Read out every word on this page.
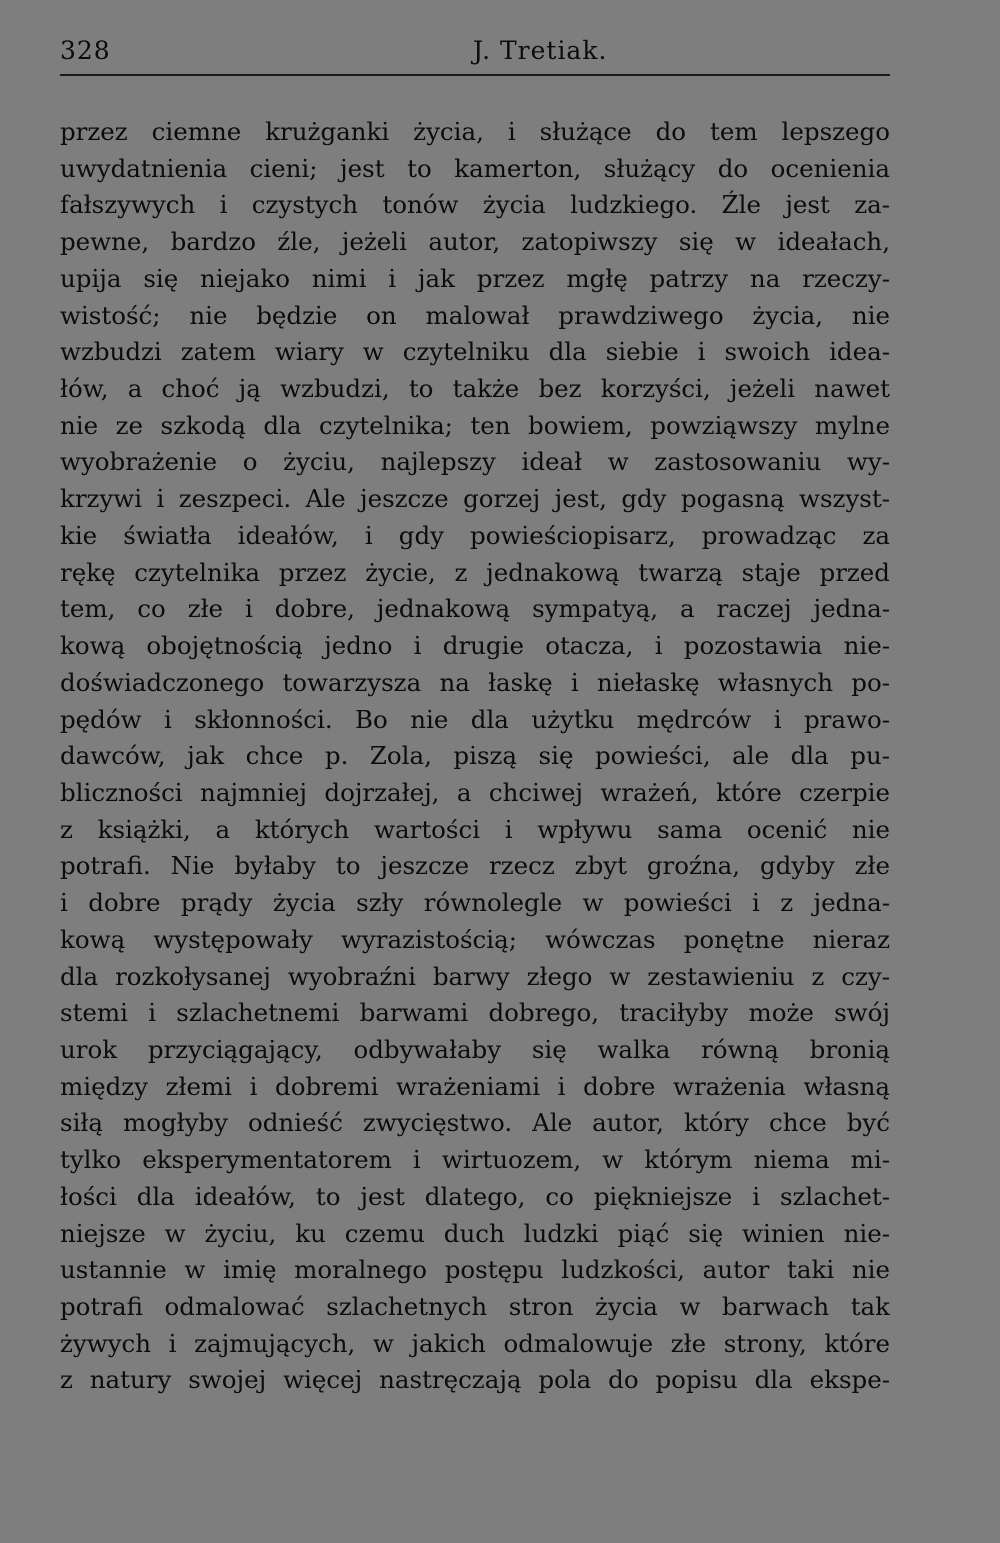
328	J. Tretiak.
przez ciemne krużganki życia, i służące do tem lepszego
uwydatnienia cieni; jest to kamerton, służący do ocenienia
fałszywych i czystych tonów życia ludzkiego. Źle jest za-
pewne, bardzo źle, jeżeli autor, zatopiwszy się w ideałach,
upija się niejako nimi i jak przez mgłę patrzy na rzeczy-
wistość; nie będzie on malował prawdziwego życia, nie
wzbudzi zatem wiary w czytelniku dla siebie i swoich idea-
łów, a choć ją wzbudzi, to także bez korzyści, jeżeli nawet
nie ze szkodą dla czytelnika; ten bowiem, powziąwszy mylne
wyobrażenie o życiu, najlepszy ideał w zastosowaniu wy-
krzywi i zeszpeci. Ale jeszcze gorzej jest, gdy pogasną wszyst-
kie światła ideałów, i gdy powieściopisarz, prowadząc za
rękę czytelnika przez życie, z jednakową twarzą staje przed
tem, co złe i dobre, jednakową sympatyą, a raczej jedna-
kową obojętnością jedno i drugie otacza, i pozostawia nie-
doświadczonego towarzysza na łaskę i niełaskę własnych po-
pędów i skłonności. Bo nie dla użytku mędrców i prawo-
dawców, jak chce p. Zola, piszą się powieści, ale dla pu-
bliczności najmniej dojrzałej, a chciwej wrażeń, które czerpie
z książki, a których wartości i wpływu sama ocenić nie
potrafi. Nie byłaby to jeszcze rzecz zbyt groźna, gdyby złe
i dobre prądy życia szły równolegle w powieści i z jedna-
kową występowały wyrazistością; wówczas ponętne nieraz
dla rozkołysanej wyobraźni barwy złego w zestawieniu z czy-
stemi i szlachetnemi barwami dobrego, traciłyby może swój
urok przyciągający, odbywałaby się walka równą bronią
między złemi i dobremi wrażeniami i dobre wrażenia własną
siłą mogłyby odnieść zwycięstwo. Ale autor, który chce być
tylko eksperymentatorem i wirtuozem, w którym niema mi-
łości dla ideałów, to jest dlatego, co piękniejsze i szlachet-
niejsze w życiu, ku czemu duch ludzki piąć się winien nie-
ustannie w imię moralnego postępu ludzkości, autor taki nie
potrafi odmalować szlachetnych stron życia w barwach tak
żywych i zajmujących, w jakich odmalowuje złe strony, które
z natury swojej więcej nastręczają pola do popisu dla ekspe-
